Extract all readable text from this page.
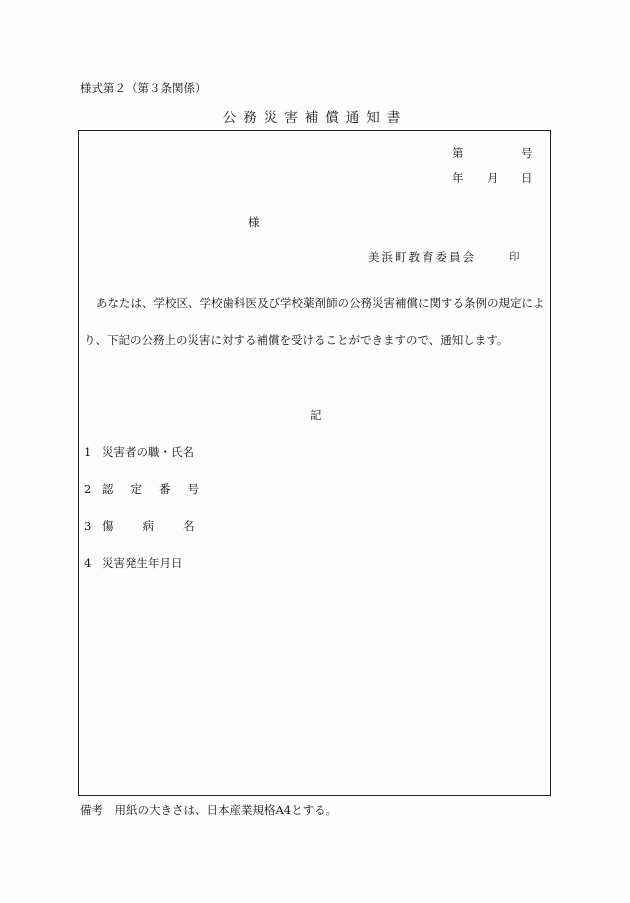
様式第２（第３条関係）
公務災害補償通知書
第	号
年 月 日
様
美浜町教育委員会	印
あなたは、学校区、学校歯科医及び学校薬剤師の公務災害補償に関する条例の規定により、下記の公務上の災害に対する補償を受けることができますので、通知します。
記
1 災害者の職・氏名
2 認定番号
3 傷病名
4 災害発生年月日
備考　用紙の大きさは、日本産業規格A4とする。
